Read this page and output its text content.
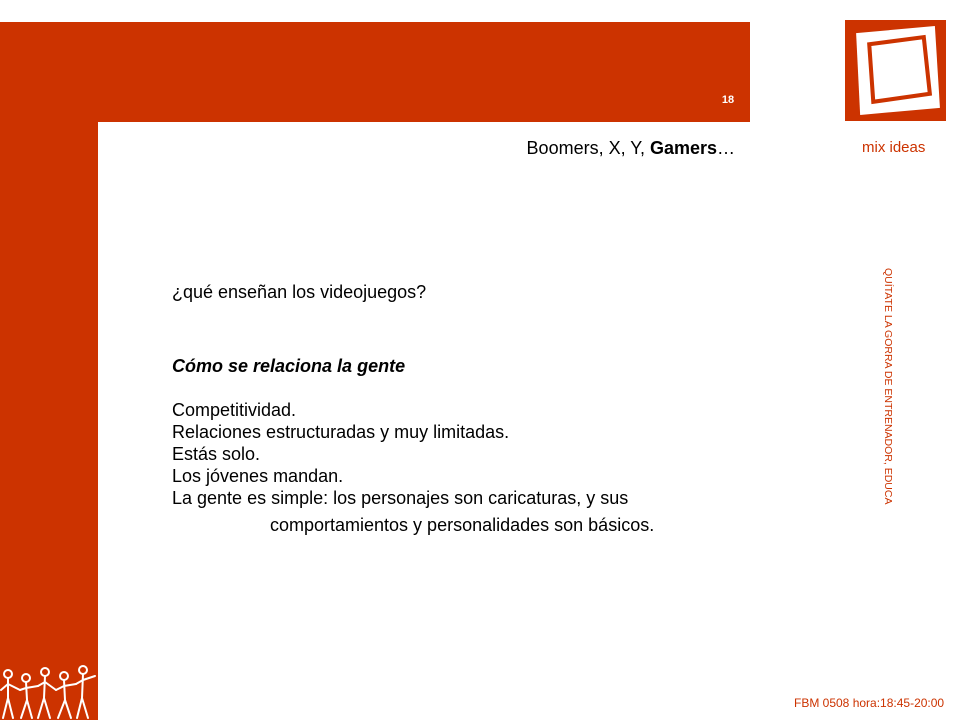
18
Boomers, X, Y, Gamers…	mix ideas
QUÍTATE LA GORRA DE ENTRENADOR, EDUCA
¿qué enseñan los videojuegos?
Cómo se relaciona la gente
Competitividad.
Relaciones estructuradas y muy limitadas.
Estás solo.
Los jóvenes mandan.
La gente es simple: los personajes son caricaturas, y sus
comportamientos y personalidades son básicos.
FBM 0508 hora:18:45-20:00
